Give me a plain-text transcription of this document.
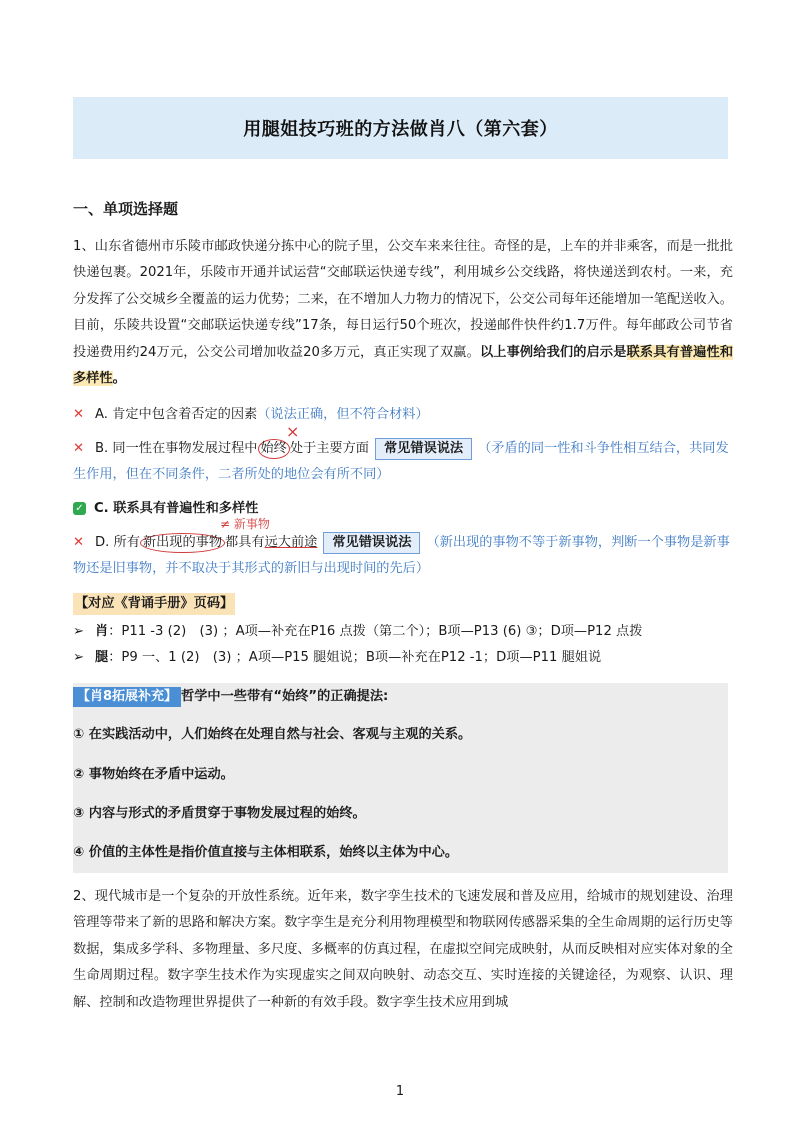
用腿姐技巧班的方法做肖八（第六套）
一、单项选择题

1、山东省德州市乐陵市邮政快递分拣中心的院子里，公交车来来往往。奇怪的是，上车的并非乘客，而是一批批快递包裹。2021年，乐陵市开通并试运营“交邮联运快递专线”，利用城乡公交线路，将快递送到农村。一来，充分发挥了公交城乡全覆盖的运力优势；二来，在不增加人力物力的情况下，公交公司每年还能增加一笔配送收入。目前，乐陵共设置“交邮联运快递专线”17条，每日运行50个班次，投递邮件快件约1.7万件。每年邮政公司节省投递费用约24万元，公交公司增加收益20多万元，真正实现了双赢。以上事例给我们的启示是联系具有普遍性和多样性。

✕ A. 肯定中包含着否定的因素（说法正确，但不符合材料）

✕ B. 同一性在事物发展过程中 始终 处于主要方面 常见错误说法 （矛盾的同一性和斗争性相互结合，共同发生作用，但在不同条件，二者所处的地位会有所不同）

×

✓ C. 联系具有普遍性和多样性

≠ 新事物

✕ D. 所有 新出现的事物 都具有远大前途 常见错误说法 （新出现的事物不等于新事物，判断一个事物是新事物还是旧事物，并不取决于其形式的新旧与出现时间的先后）

【对应《背诵手册》页码】

➢ 肖：P11 -3 (2)　(3) ；A项—补充在P16 点拨（第二个）；B项—P13 (6) ③；D项—P12 点拨

➢ 腿：P9 一、1 (2)　(3) ；A项—P15 腿姐说；B项—补充在P12 -1；D项—P11 腿姐说

【肖8拓展补充】 哲学中一些带有“始终”的正确提法:
① 在实践活动中，人们始终在处理自然与社会、客观与主观的关系。
② 事物始终在矛盾中运动。
③ 内容与形式的矛盾贯穿于事物发展过程的始终。
④ 价值的主体性是指价值直接与主体相联系，始终以主体为中心。

2、现代城市是一个复杂的开放性系统。近年来，数字孪生技术的飞速发展和普及应用，给城市的规划建设、治理管理等带来了新的思路和解决方案。数字孪生是充分利用物理模型和物联网传感器采集的全生命周期的运行历史等数据，集成多学科、多物理量、多尺度、多概率的仿真过程，在虚拟空间完成映射，从而反映相对应实体对象的全生命周期过程。数字孪生技术作为实现虚实之间双向映射、动态交互、实时连接的关键途径，为观察、认识、理解、控制和改造物理世界提供了一种新的有效手段。数字孪生技术应用到城

1
